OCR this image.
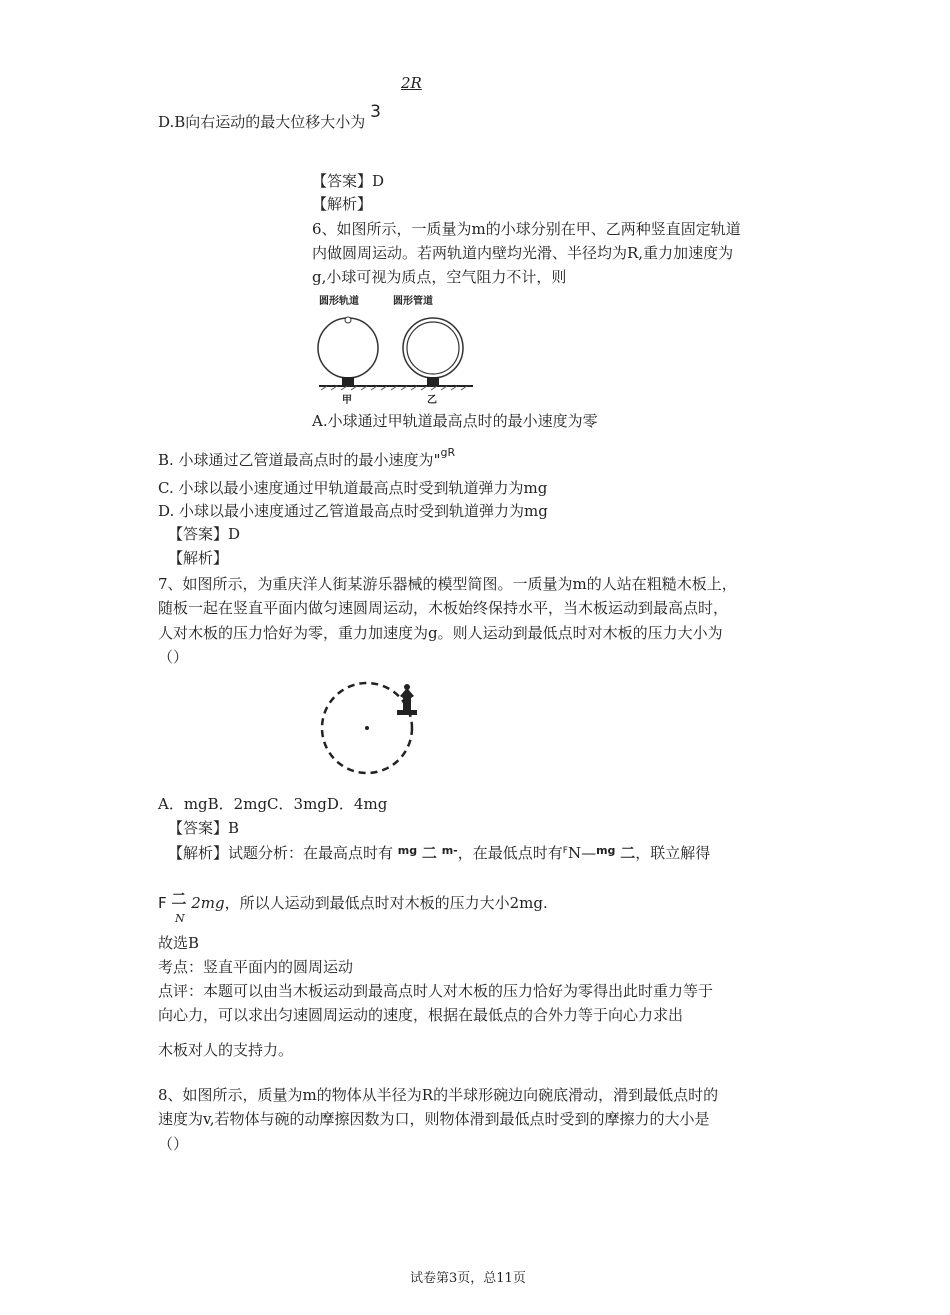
2R
D.B向右运动的最大位移大小为 3
【答案】D
【解析】
6、如图所示，一质量为m的小球分别在甲、乙两种竖直固定轨道
内做圆周运动。若两轨道内壁均光滑、半径均为R,重力加速度为
g,小球可视为质点，空气阻力不计，则
圆形轨道	圆形管道
甲	乙
A.小球通过甲轨道最高点时的最小速度为零
B. 小球通过乙管道最高点时的最小速度为"$^{gR}$
C. 小球以最小速度通过甲轨道最高点时受到轨道弹力为mg
D. 小球以最小速度通过乙管道最高点时受到轨道弹力为mg
【答案】D
【解析】
7、如图所示，为重庆洋人街某游乐器械的模型简图。一质量为m的人站在粗糙木板上，
随板一起在竖直平面内做匀速圆周运动，木板始终保持水平，当木板运动到最高点时，
人对木板的压力恰好为零，重力加速度为g。则人运动到最低点时对木板的压力大小为
（）
A．mgB．2mgC．3mgD．4mg
【答案】B
【解析】试题分析：在最高点时有 $^{mg}$ 二 $^{m-}$，在最低点时有$^F$N—$^{mg}$ 二，联立解得
F 二 2mg，所以人运动到最低点时对木板的压力大小2mg.
N
故选B
考点：竖直平面内的圆周运动
点评：本题可以由当木板运动到最高点时人对木板的压力恰好为零得出此时重力等于
向心力，可以求出匀速圆周运动的速度，根据在最低点的合外力等于向心力求出
木板对人的支持力。
8、如图所示，质量为m的物体从半径为R的半球形碗边向碗底滑动，滑到最低点时的
速度为v,若物体与碗的动摩擦因数为口，则物体滑到最低点时受到的摩擦力的大小是
（）
试卷第3页，总11页
